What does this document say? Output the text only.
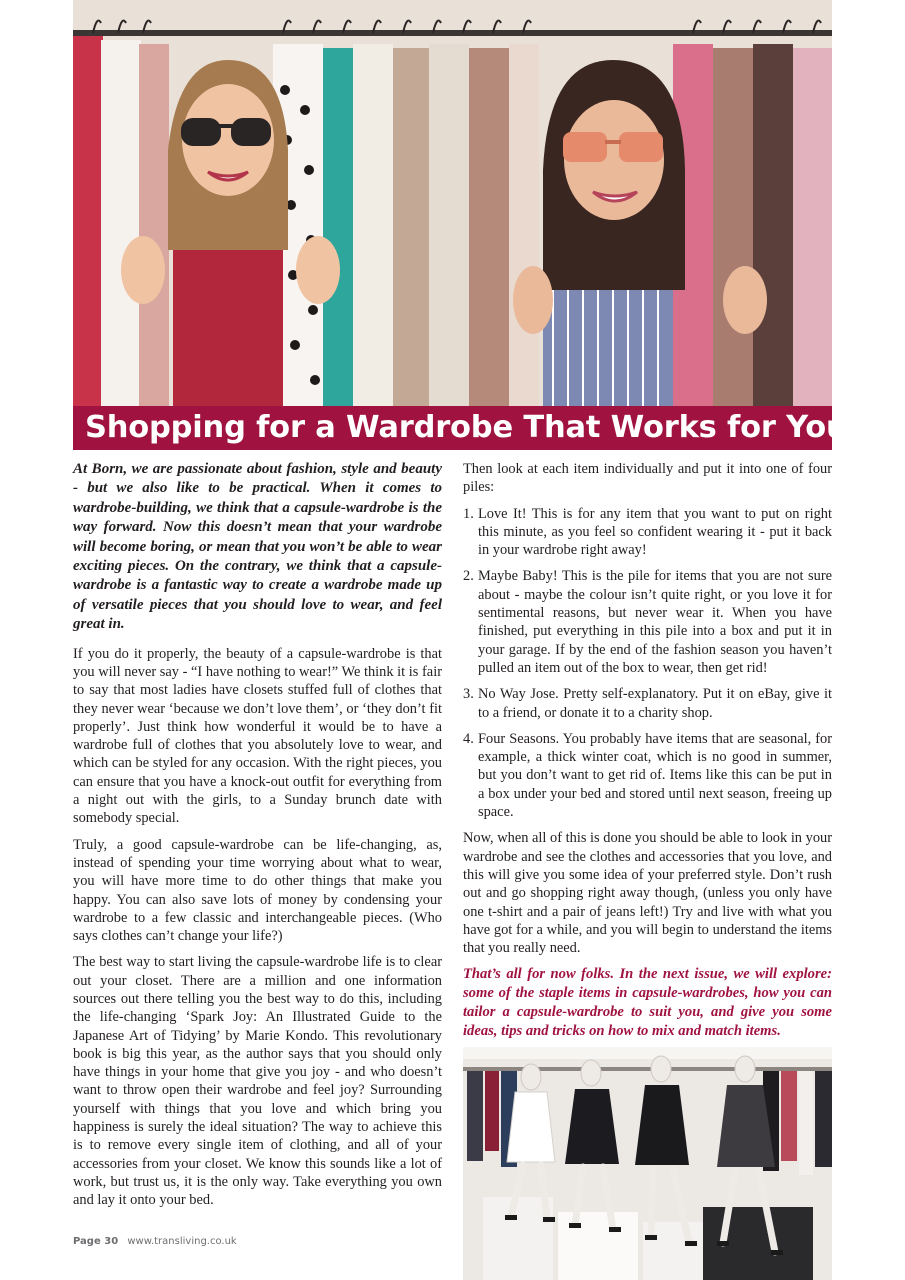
Shopping for a Wardrobe That Works for You

At Born, we are passionate about fashion, style and beauty - but we also like to be practical. When it comes to wardrobe-building, we think that a capsule-wardrobe is the way forward. Now this doesn’t mean that your wardrobe will become boring, or mean that you won’t be able to wear exciting pieces. On the contrary, we think that a capsule-wardrobe is a fantastic way to create a wardrobe made up of versatile pieces that you should love to wear, and feel great in.

If you do it properly, the beauty of a capsule-wardrobe is that you will never say - “I have nothing to wear!” We think it is fair to say that most ladies have closets stuffed full of clothes that they never wear ‘because we don’t love them’, or ‘they don’t fit properly’. Just think how wonderful it would be to have a wardrobe full of clothes that you absolutely love to wear, and which can be styled for any occasion. With the right pieces, you can ensure that you have a knock-out outfit for everything from a night out with the girls, to a Sunday brunch date with somebody special.

Truly, a good capsule-wardrobe can be life-changing, as, instead of spending your time worrying about what to wear, you will have more time to do other things that make you happy. You can also save lots of money by condensing your wardrobe to a few classic and interchangeable pieces. (Who says clothes can’t change your life?)

The best way to start living the capsule-wardrobe life is to clear out your closet. There are a million and one information sources out there telling you the best way to do this, including the life-changing ‘Spark Joy: An Illustrated Guide to the Japanese Art of Tidying’ by Marie Kondo. This revolutionary book is big this year, as the author says that you should only have things in your home that give you joy - and who doesn’t want to throw open their wardrobe and feel joy? Surrounding yourself with things that you love and which bring you happiness is surely the ideal situation? The way to achieve this is to remove every single item of clothing, and all of your accessories from your closet. We know this sounds like a lot of work, but trust us, it is the only way. Take everything you own and lay it onto your bed.

Then look at each item individually and put it into one of four piles:

1. Love It! This is for any item that you want to put on right this minute, as you feel so confident wearing it - put it back in your wardrobe right away!
2. Maybe Baby! This is the pile for items that you are not sure about - maybe the colour isn’t quite right, or you love it for sentimental reasons, but never wear it. When you have finished, put everything in this pile into a box and put it in your garage. If by the end of the fashion season you haven’t pulled an item out of the box to wear, then get rid!
3. No Way Jose. Pretty self-explanatory. Put it on eBay, give it to a friend, or donate it to a charity shop.
4. Four Seasons. You probably have items that are seasonal, for example, a thick winter coat, which is no good in summer, but you don’t want to get rid of. Items like this can be put in a box under your bed and stored until next season, freeing up space.

Now, when all of this is done you should be able to look in your wardrobe and see the clothes and accessories that you love, and this will give you some idea of your preferred style. Don’t rush out and go shopping right away though, (unless you only have one t-shirt and a pair of jeans left!) Try and live with what you have got for a while, and you will begin to understand the items that you really need.

That’s all for now folks. In the next issue, we will explore: some of the staple items in capsule-wardrobes, how you can tailor a capsule-wardrobe to suit you, and give you some ideas, tips and tricks on how to mix and match items.

Page 30 www.transliving.co.uk
